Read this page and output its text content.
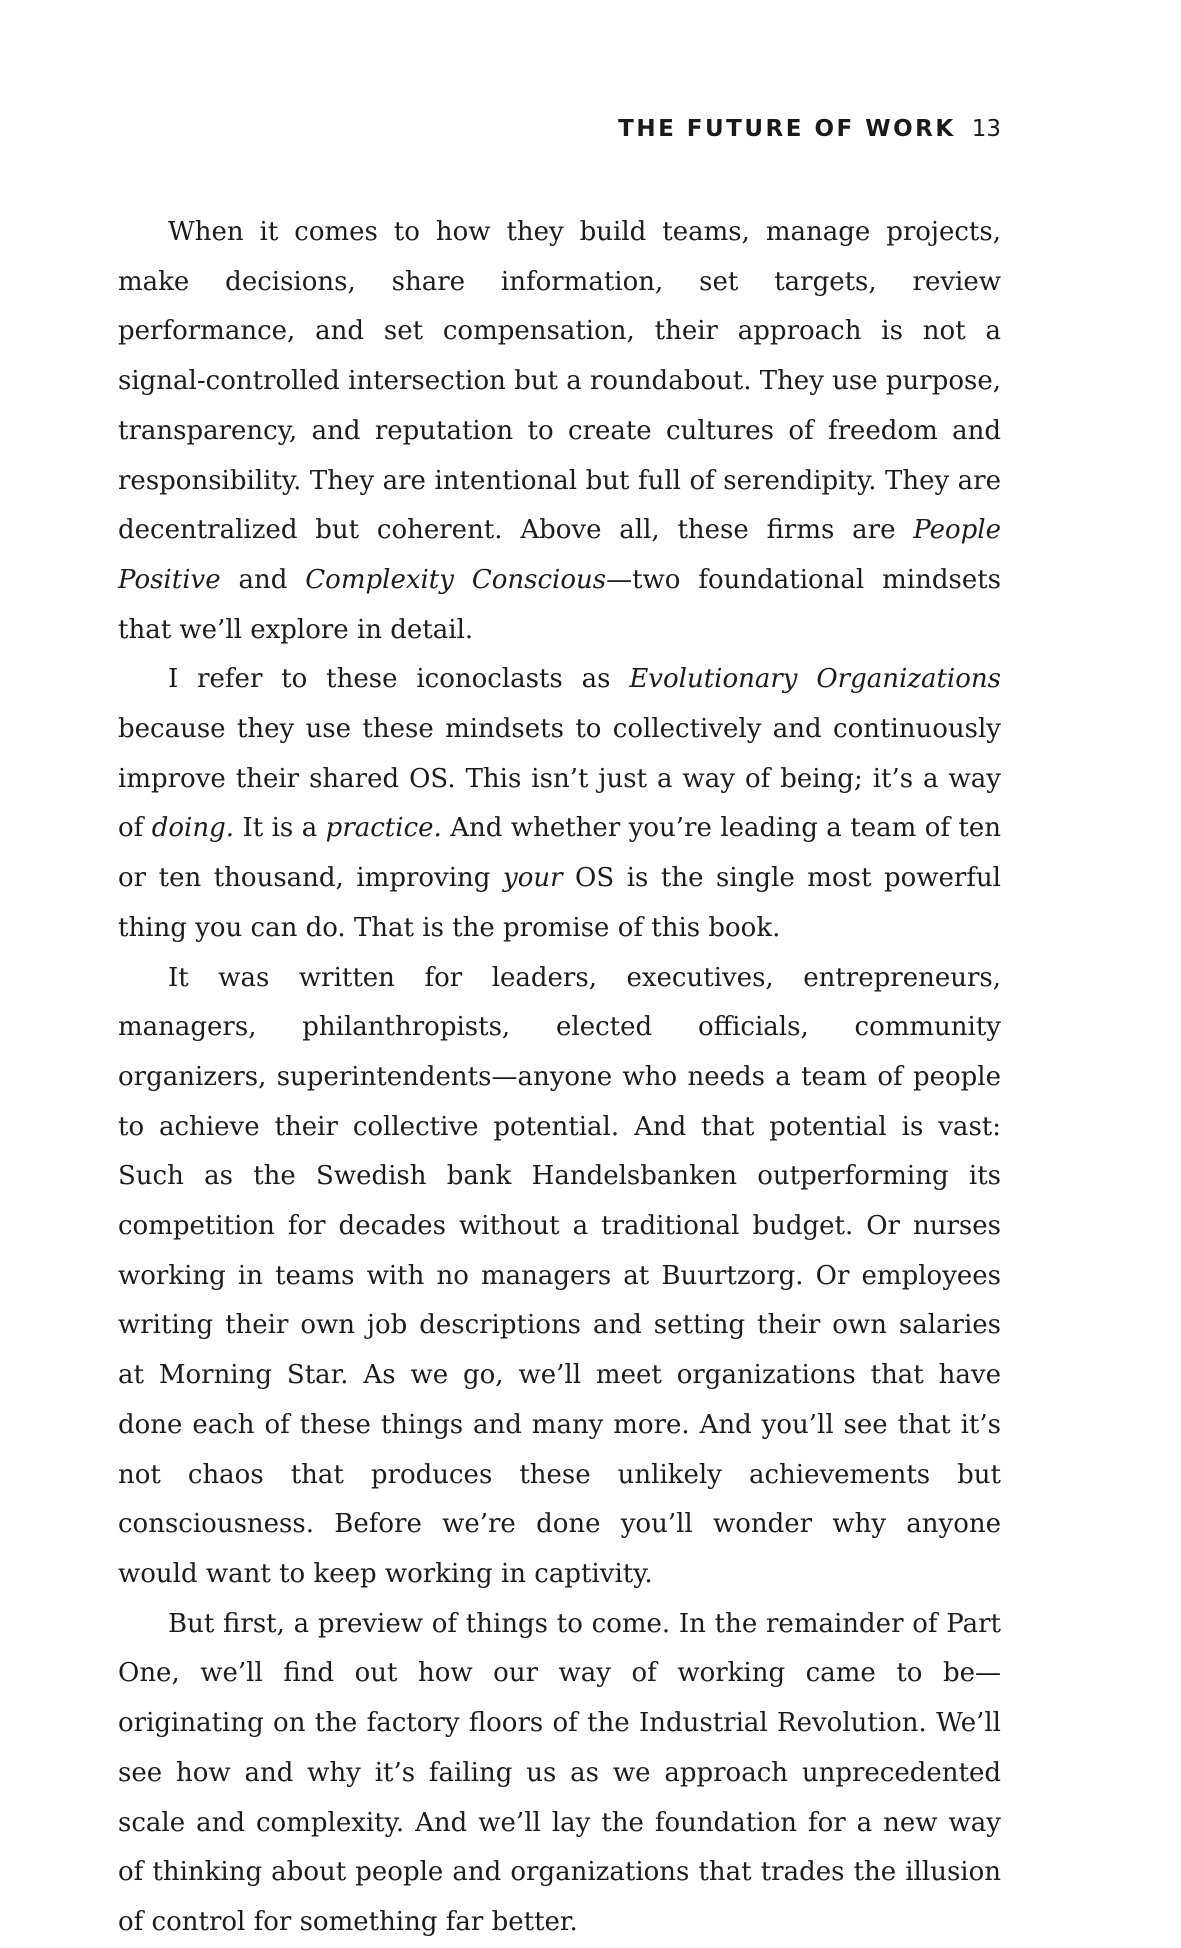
THE FUTURE OF WORK 13

When it comes to how they build teams, manage projects, make decisions, share information, set targets, review performance, and set compensation, their approach is not a signal-controlled intersection but a roundabout. They use purpose, transparency, and reputation to create cultures of freedom and responsibility. They are intentional but full of serendipity. They are decentralized but coherent. Above all, these firms are People Positive and Complexity Conscious—two foundational mindsets that we’ll explore in detail.

I refer to these iconoclasts as Evolutionary Organizations because they use these mindsets to collectively and continuously improve their shared OS. This isn’t just a way of being; it’s a way of doing. It is a practice. And whether you’re leading a team of ten or ten thousand, improving your OS is the single most powerful thing you can do. That is the promise of this book.

It was written for leaders, executives, entrepreneurs, managers, philanthropists, elected officials, community organizers, superintendents—anyone who needs a team of people to achieve their collective potential. And that potential is vast: Such as the Swedish bank Handelsbanken outperforming its competition for decades without a traditional budget. Or nurses working in teams with no managers at Buurtzorg. Or employees writing their own job descriptions and setting their own salaries at Morning Star. As we go, we’ll meet organizations that have done each of these things and many more. And you’ll see that it’s not chaos that produces these unlikely achievements but consciousness. Before we’re done you’ll wonder why anyone would want to keep working in captivity.

But first, a preview of things to come. In the remainder of Part One, we’ll find out how our way of working came to be—originating on the factory floors of the Industrial Revolution. We’ll see how and why it’s failing us as we approach unprecedented scale and complexity. And we’ll lay the foundation for a new way of thinking about people and organizations that trades the illusion of control for something far better.
